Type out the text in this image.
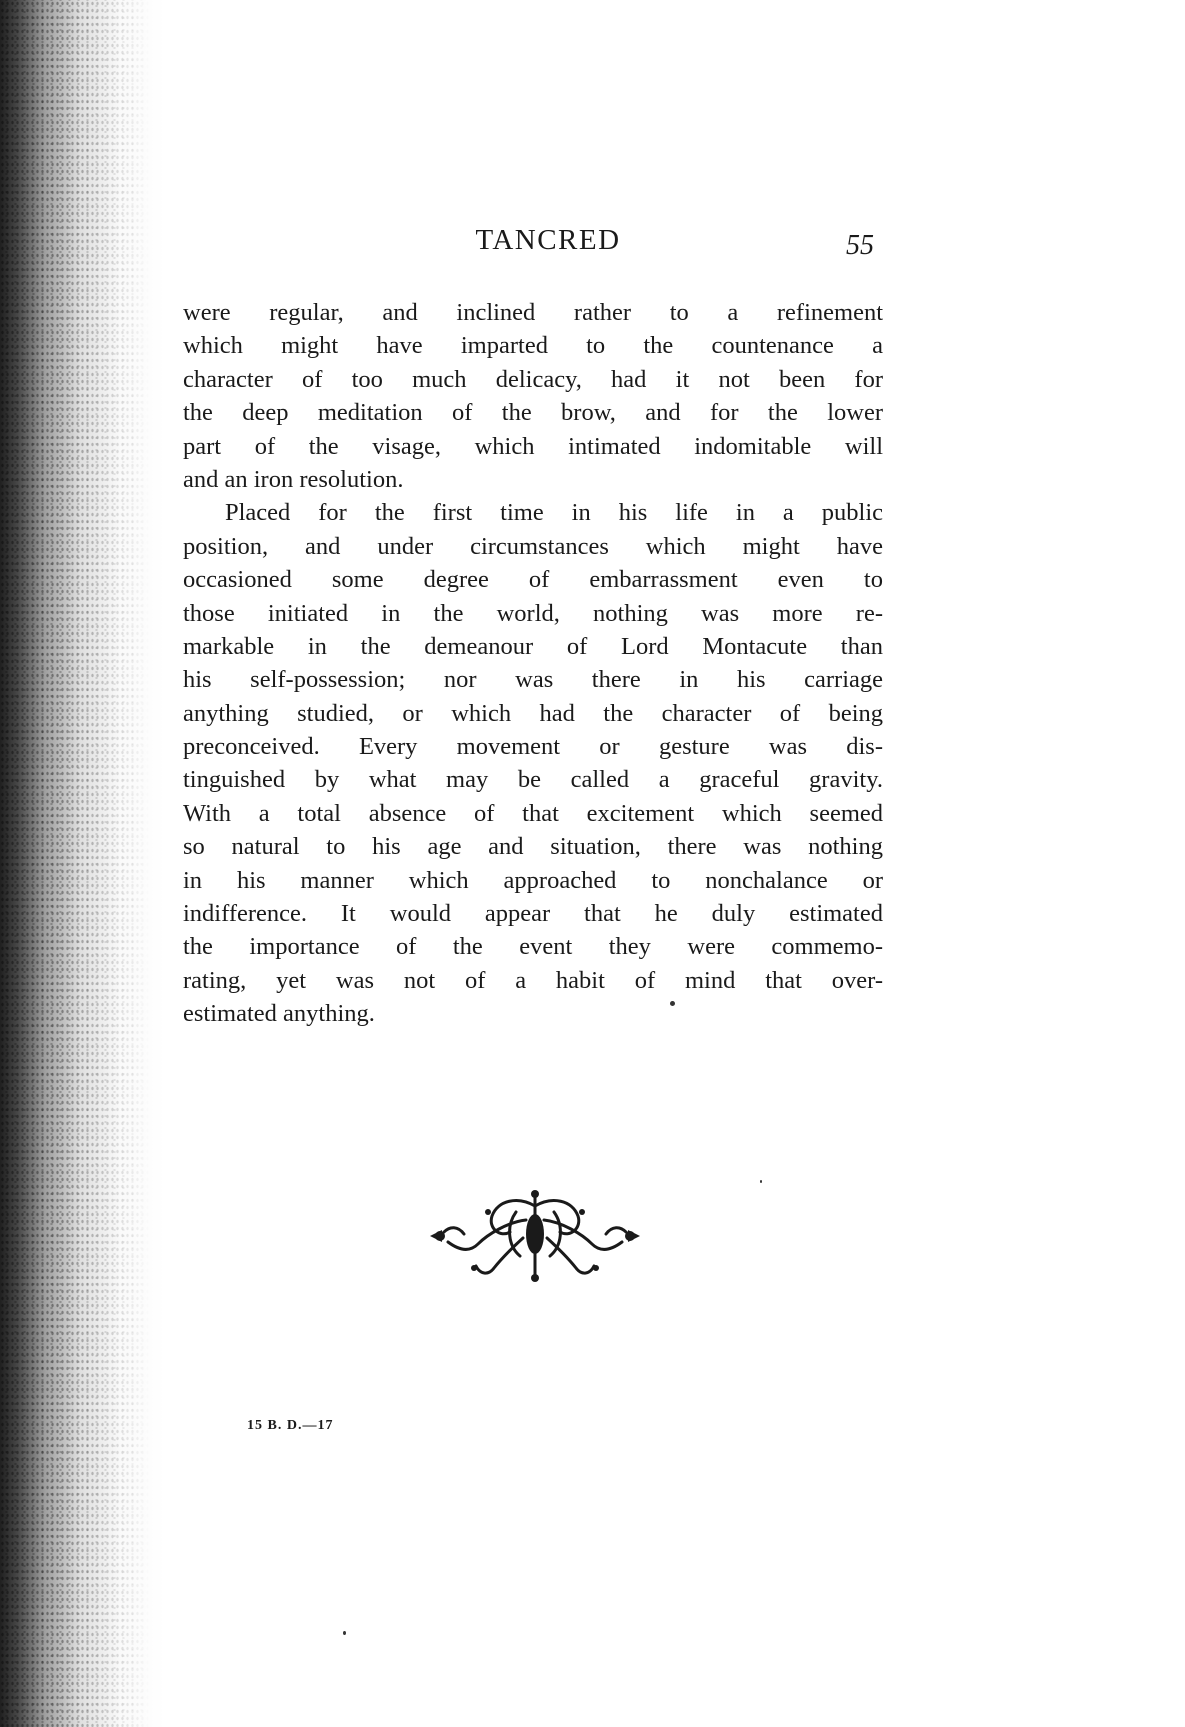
TANCRED	55
were regular, and inclined rather to a refinement
which might have imparted to the countenance a
character of too much delicacy, had it not been for
the deep meditation of the brow, and for the lower
part of the visage, which intimated indomitable will
and an iron resolution.
Placed for the first time in his life in a public
position, and under circumstances which might have
occasioned some degree of embarrassment even to
those initiated in the world, nothing was more re-
markable in the demeanour of Lord Montacute than
his self-possession; nor was there in his carriage
anything studied, or which had the character of being
preconceived. Every movement or gesture was dis-
tinguished by what may be called a graceful gravity.
With a total absence of that excitement which seemed
so natural to his age and situation, there was nothing
in his manner which approached to nonchalance or
indifference. It would appear that he duly estimated
the importance of the event they were commemo-
rating, yet was not of a habit of mind that over-
estimated anything.
15 B. D.—17
